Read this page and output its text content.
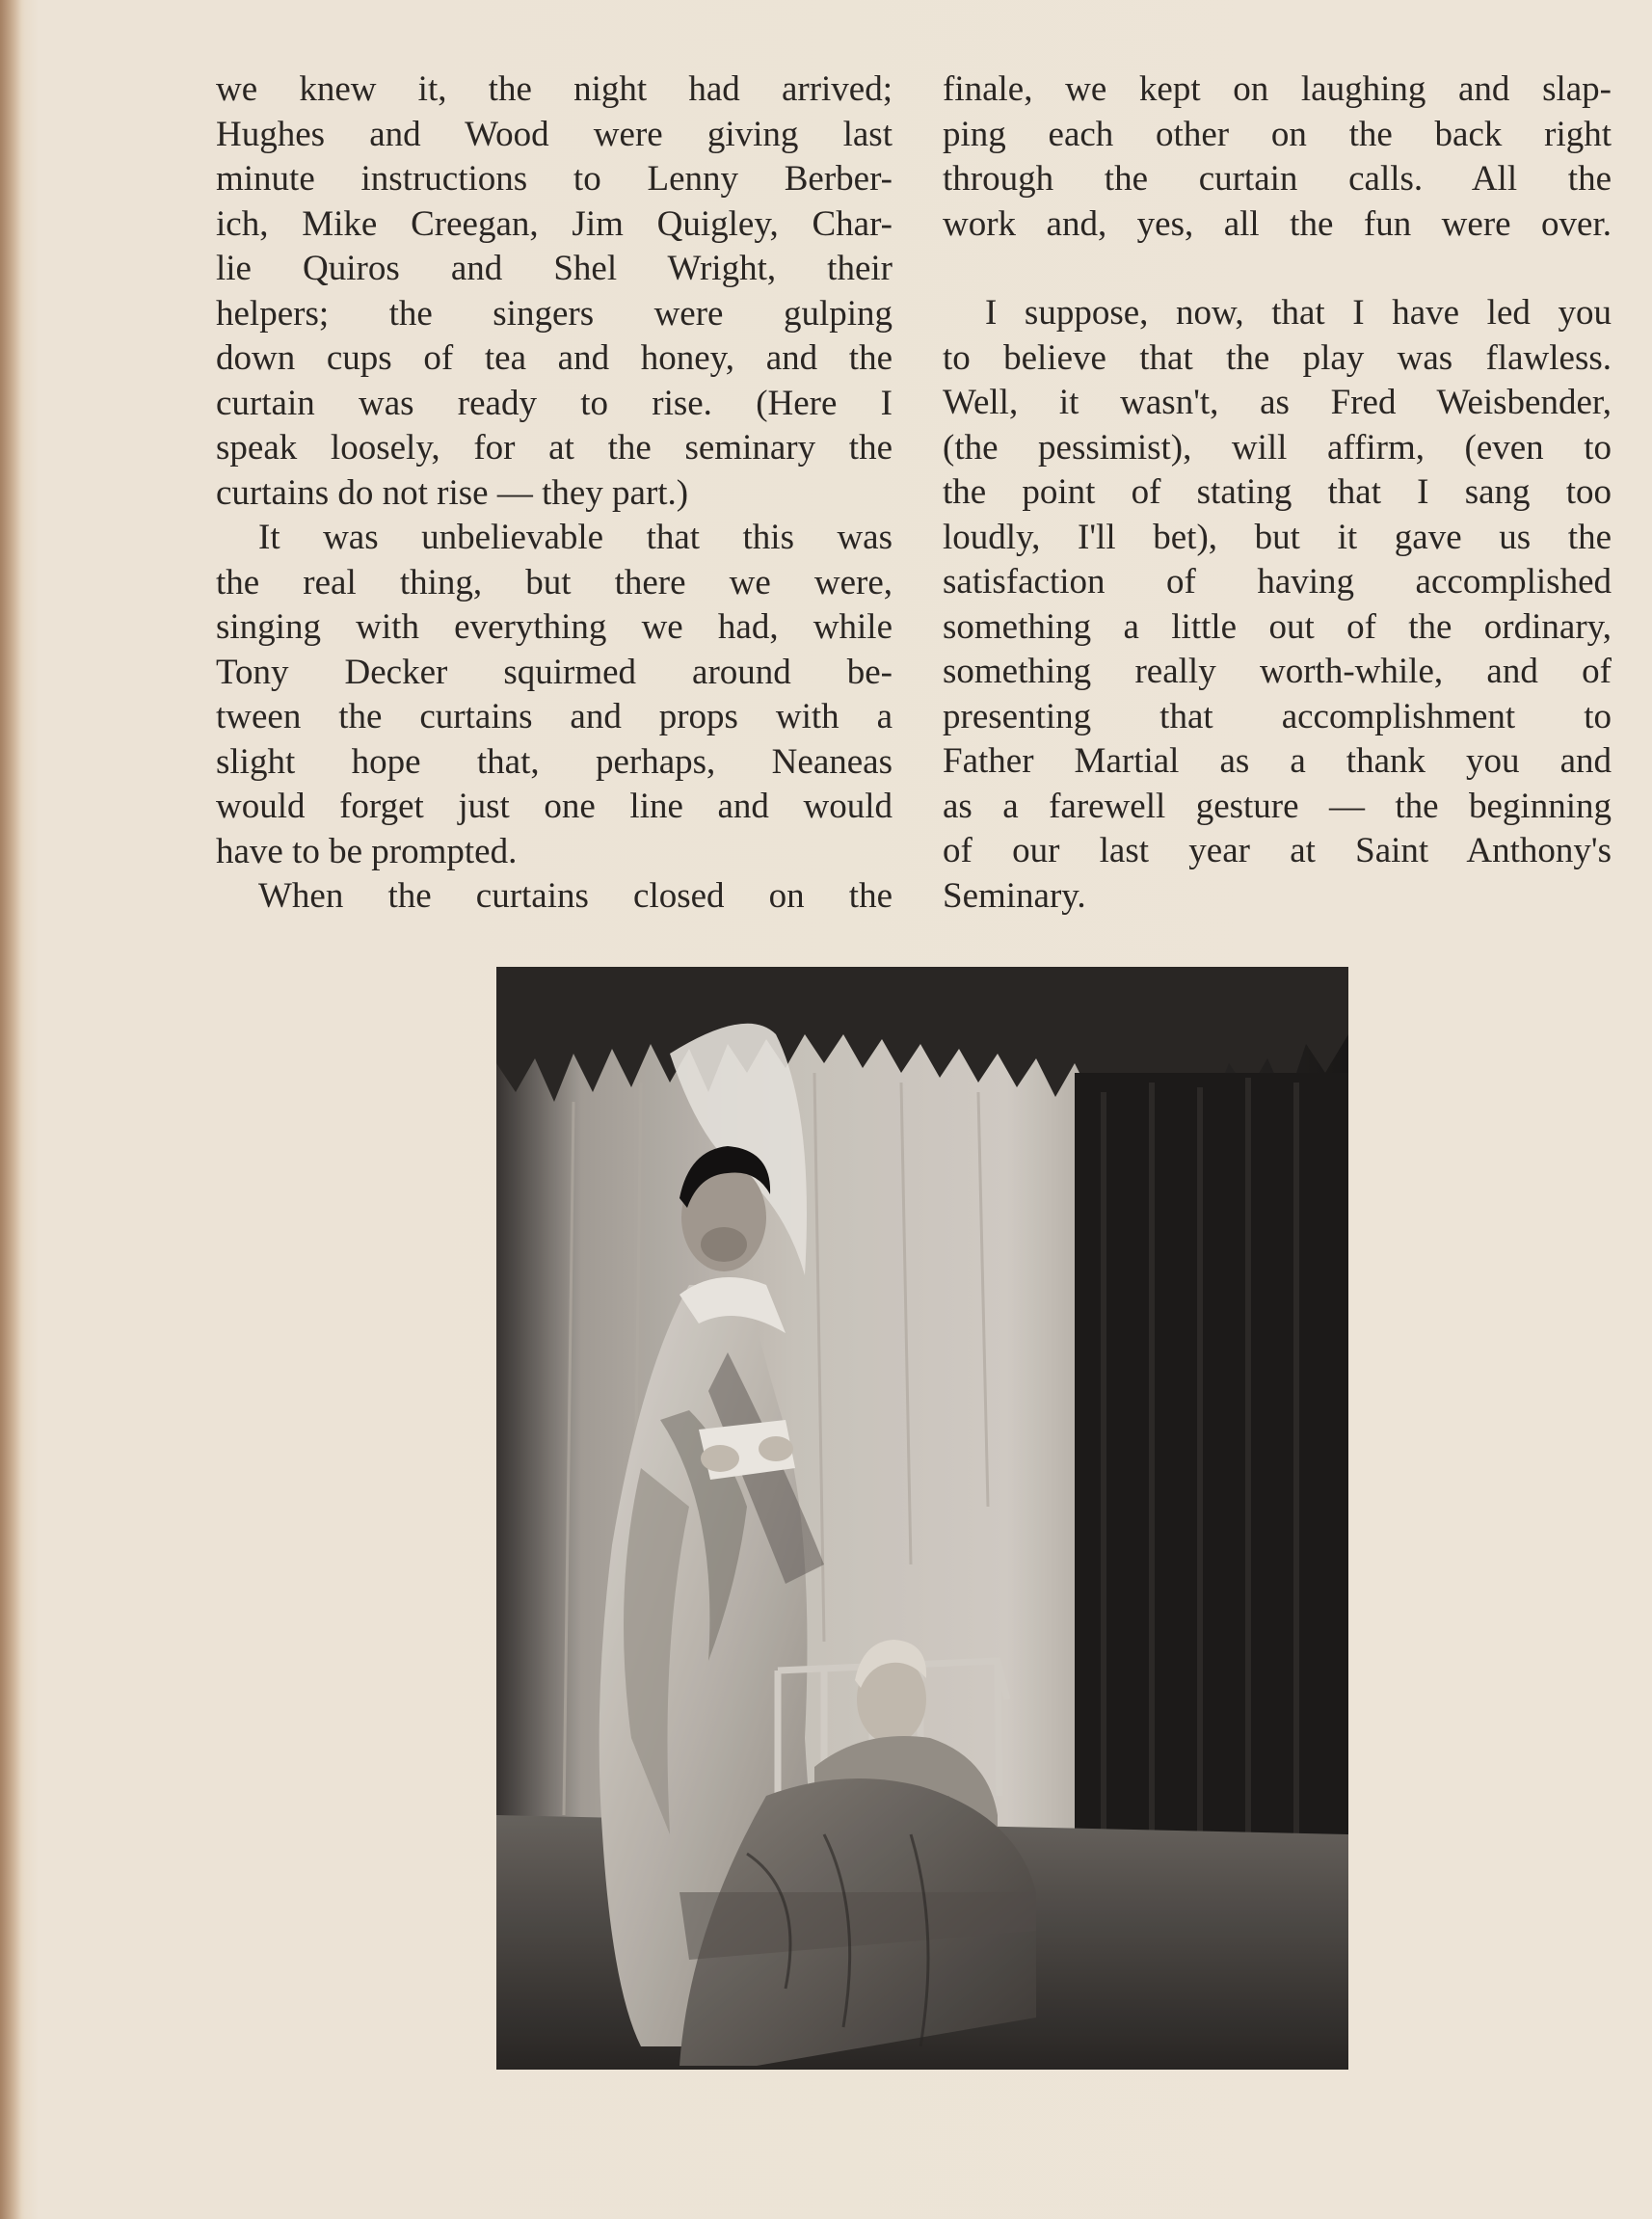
we knew it, the night had arrived;
Hughes and Wood were giving last
minute instructions to Lenny Berber-
ich, Mike Creegan, Jim Quigley, Char-
lie Quiros and Shel Wright, their
helpers; the singers were gulping
down cups of tea and honey, and the
curtain was ready to rise. (Here I
speak loosely, for at the seminary the
curtains do not rise — they part.)

It was unbelievable that this was
the real thing, but there we were,
singing with everything we had, while
Tony Decker squirmed around be-
tween the curtains and props with a
slight hope that, perhaps, Neaneas
would forget just one line and would
have to be prompted.

When the curtains closed on the

finale, we kept on laughing and slap-
ping each other on the back right
through the curtain calls. All the
work and, yes, all the fun were over.

I suppose, now, that I have led you
to believe that the play was flawless.
Well, it wasn't, as Fred Weisbender,
(the pessimist), will affirm, (even to
the point of stating that I sang too
loudly, I'll bet), but it gave us the
satisfaction of having accomplished
something a little out of the ordinary,
something really worth-while, and of
presenting that accomplishment to
Father Martial as a thank you and
as a farewell gesture — the beginning
of our last year at Saint Anthony's
Seminary.
